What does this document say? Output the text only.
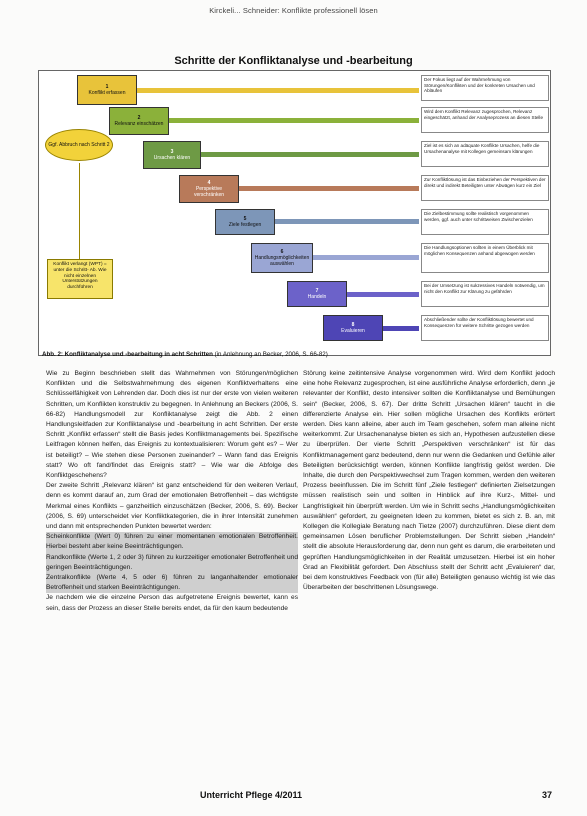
Kirckeli... Schneider: Konflikte professionell lösen
Schritte der Konfliktanalyse und -bearbeitung
1
Konflikt erfassen
2
Relevanz einschätzen
3
Ursachen klären
4
Perspektive verschränken
5
Ziele festlegen
6
Handlungsmöglichkeiten auswählen
7
Handeln
8
Evaluieren
Der Fokus liegt auf der Wahrnehmung von Störungen/Konflikten und der konkreten Ursachen und Abläufen
Wird dem Konflikt Relevanz zugesprochen, Relevanz eingeschätzt, anhand der Analyseprozess an diesen Stelle
Ziel ist es sich an adäquate Konflikte Ursachen, helfe die Ursachenanalyse mit Kollegen gemeinsam klärungen
Zur Konfliktlösung ist das Einbeziehen der Perspektiven der direkt und indirekt Beteiligten unter Abwägen kurz ein Ziel
Die Zielbestimmung sollte realistisch vorgenommen werden, ggf. auch unter schrittweisen Zwischenzielen
Die Handlungsoptionen sollten in einem Überblick mit möglichen Konsequenzen anhand abgewogen werden
Bei der Umsetzung ist sukzessives Handeln notwendig, um nicht den Konflikt zur Klärung zu gefährden
Abschließender sollte der Konfliktlösung bewertet und Konsequenzen für weitere Schritte gezogen werden
Ggf. Abbruch nach Schritt 2
Konflikt verlangt (WPT) = unter die Schritt- Ab. Wie nicht einzelnen Unterstützungen durchführen
Abb. 2: Konfliktanalyse und -bearbeitung in acht Schritten (in Anlehnung an Becker, 2006, S. 66-82)

Wie zu Beginn beschrieben stellt das Wahrnehmen von Störungen/möglichen Konflikten und die Selbstwahrnehmung des eigenen Konfliktverhaltens eine Schlüsselfähigkeit von Lehrenden dar. Doch dies ist nur der erste von vielen weiteren Schritten, um Konflikten konstruktiv zu begegnen. In Anlehnung an Beckers (2006, S. 66-82) Handlungsmodell zur Konfliktanalyse zeigt die Abb. 2 einen Handlungsleitfaden zur Konfliktanalyse und -bearbeitung in acht Schritten. Der erste Schritt „Konflikt erfassen“ stellt die Basis jedes Konfliktmanagements bei. Spezifische Leitfragen können helfen, das Ereignis zu kontextualisieren: Worum geht es? – Wer ist beteiligt? – Wie stehen diese Personen zueinander? – Wann fand das Ereignis statt? Wo oft fand/findet das Ereignis statt? – Wie war die Abfolge des Konfliktgeschehens?

Der zweite Schritt „Relevanz klären“ ist ganz entscheidend für den weiteren Verlauf, denn es kommt darauf an, zum Grad der emotionalen Betroffenheit – das wichtigste Merkmal eines Konflikts – ganzheitlich einzuschätzen (Becker, 2006, S. 69). Becker (2006, S. 69) unterscheidet vier Konfliktkategorien, die in ihrer Intensität zunehmen und dann mit entsprechenden Punkten bewertet werden:

Scheinkonflikte (Wert 0) führen zu einer momentanen emotionalen Betroffenheit. Hierbei besteht aber keine Beeinträchtigungen.

Randkonflikte (Werte 1, 2 oder 3) führen zu kurzzeitiger emotionaler Betroffenheit und geringen Beeinträchtigungen.

Zentralkonflikte (Werte 4, 5 oder 6) führen zu langanhaltender emotionaler Betroffenheit und starken Beeinträchtigungen.

Je nachdem wie die einzelne Person das aufgetretene Ereignis bewertet, kann es sein, dass der Prozess an dieser Stelle bereits endet, da für den kaum bedeutende

Störung keine zeitintensive Analyse vorgenommen wird. Wird dem Konflikt jedoch eine hohe Relevanz zugesprochen, ist eine ausführliche Analyse erforderlich, denn „je relevanter der Konflikt, desto intensiver sollten die Konfliktanalyse und Bemühungen sein“ (Becker, 2006, S. 67). Der dritte Schritt „Ursachen klären“ taucht in die differenzierte Analyse ein. Hier sollen mögliche Ursachen des Konflikts erörtert werden. Dies kann alleine, aber auch im Team geschehen, sofern man alleine nicht weiterkommt. Zur Ursachenanalyse bieten es sich an, Hypothesen aufzustellen diese zu überprüfen. Der vierte Schritt „Perspektiven verschränken“ ist für das Konfliktmanagement ganz bedeutend, denn nur wenn die Gedanken und Gefühle aller Beteiligten berücksichtigt werden, können Konflikte langfristig gelöst werden. Die Inhalte, die durch den Perspektivwechsel zum Tragen kommen, werden den weiteren Prozess beeinflussen. Die im Schritt fünf „Ziele festlegen“ definierten Zielsetzungen müssen realistisch sein und sollten in Hinblick auf ihre Kurz-, Mittel- und Langfristigkeit hin überprüft werden. Um wie in Schritt sechs „Handlungsmöglichkeiten auswählen“ gefordert, zu geeigneten Ideen zu kommen, bietet es sich z. B. an, mit Kollegen die Kollegiale Beratung nach Tietze (2007) durchzuführen. Diese dient dem gemeinsamen Lösen beruflicher Problemstellungen. Der Schritt sieben „Handeln“ stellt die absolute Herausforderung dar, denn nun geht es darum, die erarbeiteten und geprüften Handlungsmöglichkeiten in der Realität umzusetzen. Hierbei ist ein hoher Grad an Flexibilität gefordert. Den Abschluss stellt der Schritt acht „Evaluieren“ dar, bei dem konstruktives Feedback von (für alle) Beteiligten genauso wichtig ist wie das Überarbeiten der beschrittenen Lösungswege.

Unterricht Pflege 4/2011	37
